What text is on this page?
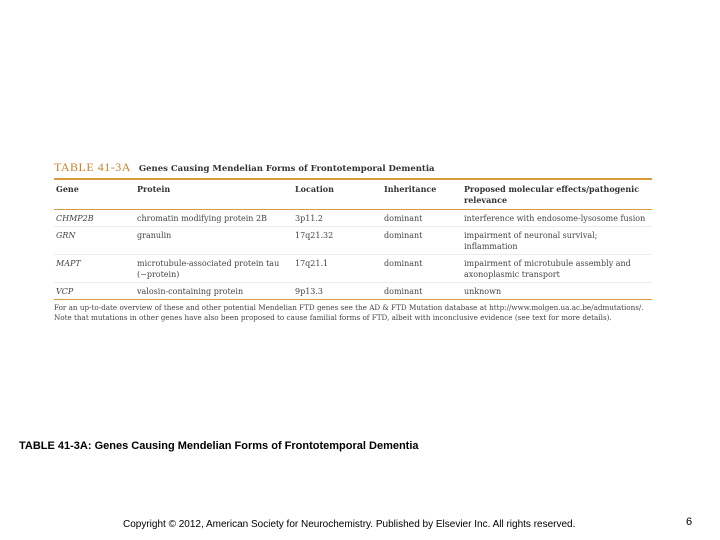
TABLE 41-3A Genes Causing Mendelian Forms of Frontotemporal Dementia
Gene	Protein	Location	Inheritance	Proposed molecular effects/pathogenic relevance
CHMP2B	chromatin modifying protein 2B	3p11.2	dominant	interference with endosome-lysosome fusion
GRN	granulin	17q21.32	dominant	impairment of neuronal survival; inflammation
MAPT	microtubule-associated protein tau (−protein)	17q21.1	dominant	impairment of microtubule assembly and axonoplasmic transport
VCP	valosin-containing protein	9p13.3	dominant	unknown
For an up-to-date overview of these and other potential Mendelian FTD genes see the AD & FTD Mutation database at http://www.molgen.ua.ac.be/admutations/.
Note that mutations in other genes have also been proposed to cause familial forms of FTD, albeit with inconclusive evidence (see text for more details).
TABLE 41-3A: Genes Causing Mendelian Forms of Frontotemporal Dementia
Copyright © 2012, American Society for Neurochemistry. Published by Elsevier Inc. All rights reserved.	6
